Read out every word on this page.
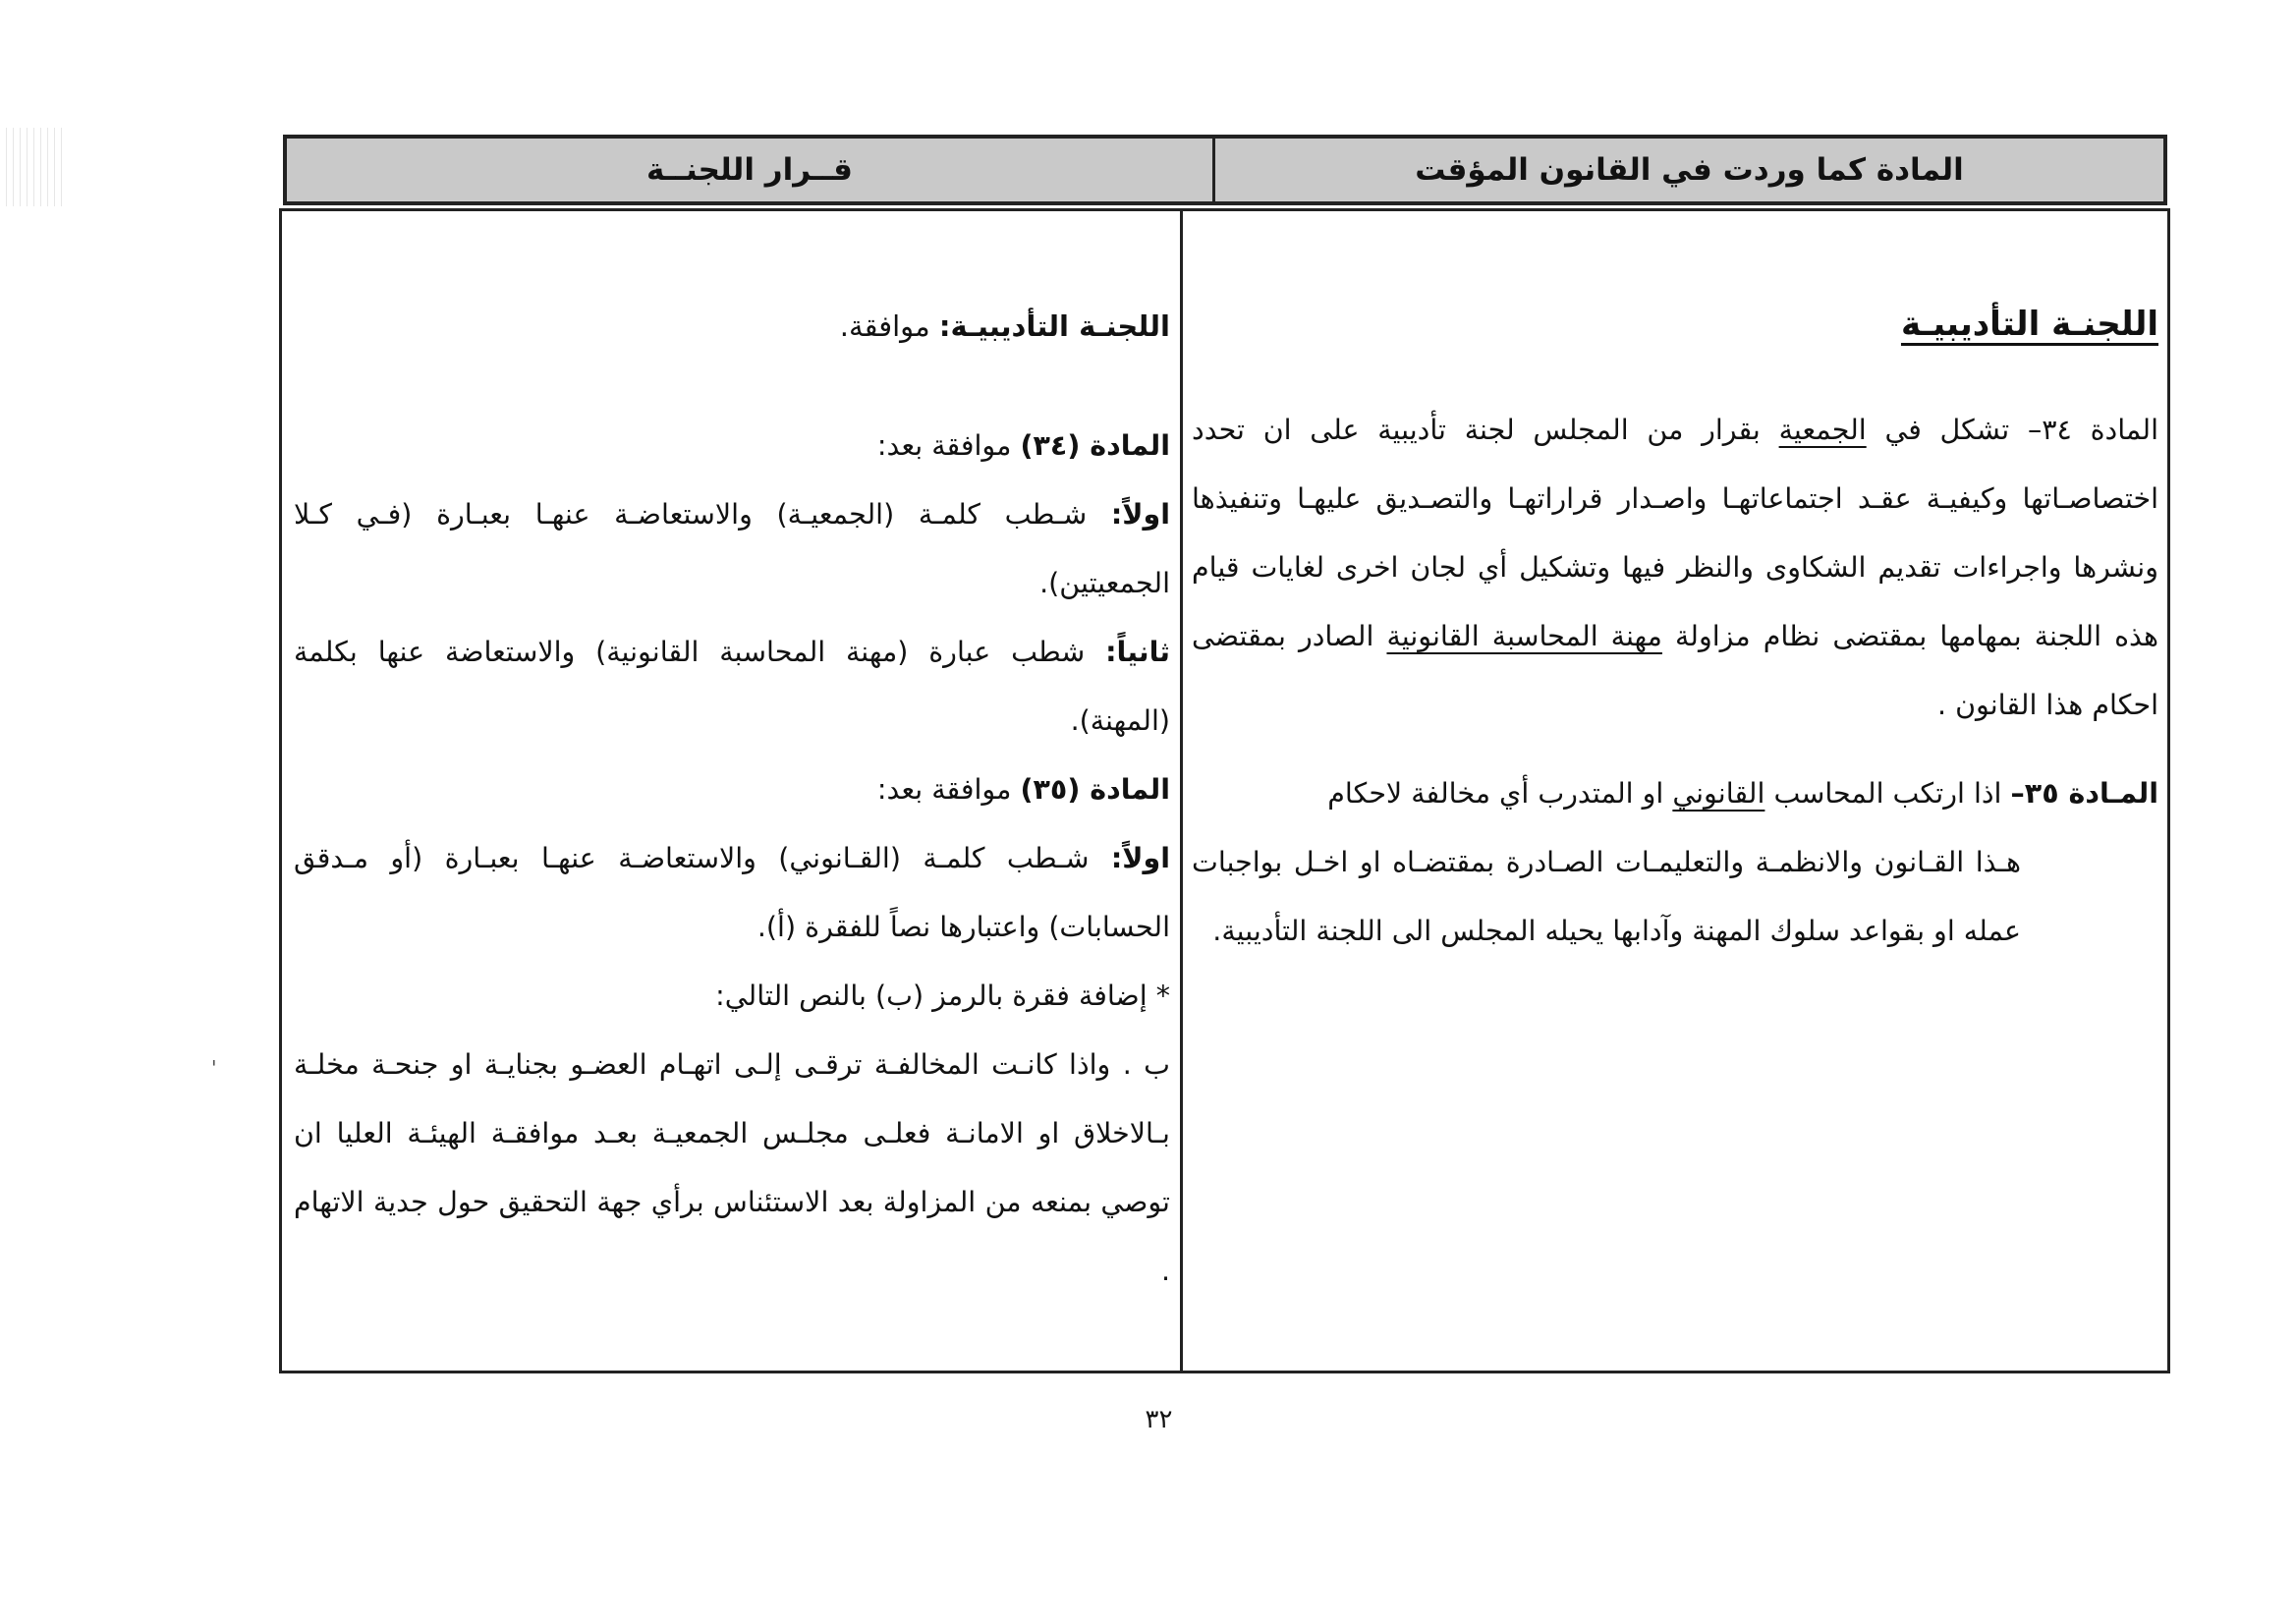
'
المادة كما وردت في القانون المؤقت
قــرار اللجنــة

اللجنـة التأديبيـة

المادة ٣٤– تشكل في الجمعية بقرار من المجلس لجنة تأديبية على ان تحدد اختصاصـاتها وكيفيـة عقـد اجتماعاتهـا واصـدار قراراتهـا والتصـديق عليهـا وتنفيذها ونشرها واجراءات تقديم الشكاوى والنظر فيها وتشكيل أي لجان اخرى لغايات قيام هذه اللجنة بمهامها بمقتضى نظام مزاولة مهنة المحاسبة القانونية الصادر بمقتضى احكام هذا القانون .

المـادة ٣٥– اذا ارتكب المحاسب القانوني او المتدرب أي مخالفة لاحكام

هـذا القـانون والانظمـة والتعليمـات الصـادرة بمقتضـاه او اخـل بواجبات عمله او بقواعد سلوك المهنة وآدابها يحيله المجلس الى اللجنة التأديبية.

اللجنـة التأديبيـة: موافقة.

المادة (٣٤) موافقة بعد:

اولاً: شـطب كلمـة (الجمعيـة) والاستعاضـة عنهـا بعبـارة (فـي كـلا الجمعيتين).

ثانياً: شطب عبارة (مهنة المحاسبة القانونية) والاستعاضة عنها بكلمة (المهنة).

المادة (٣٥) موافقة بعد:

اولاً: شـطب كلمـة (القـانوني) والاستعاضـة عنهـا بعبـارة (أو مـدقق الحسابات) واعتبارها نصاً للفقرة (أ).

* إضافة فقرة بالرمز (ب) بالنص التالي:

ب . واذا كانـت المخالفـة ترقـى إلـى اتهـام العضـو بجنايـة او جنحـة مخلـة بـالاخلاق او الامانـة فعلـى مجلـس الجمعيـة بعـد موافقـة الهيئـة العليا ان توصي بمنعه من المزاولة بعد الاستئناس برأي جهة التحقيق حول جدية الاتهام .

٣٢
